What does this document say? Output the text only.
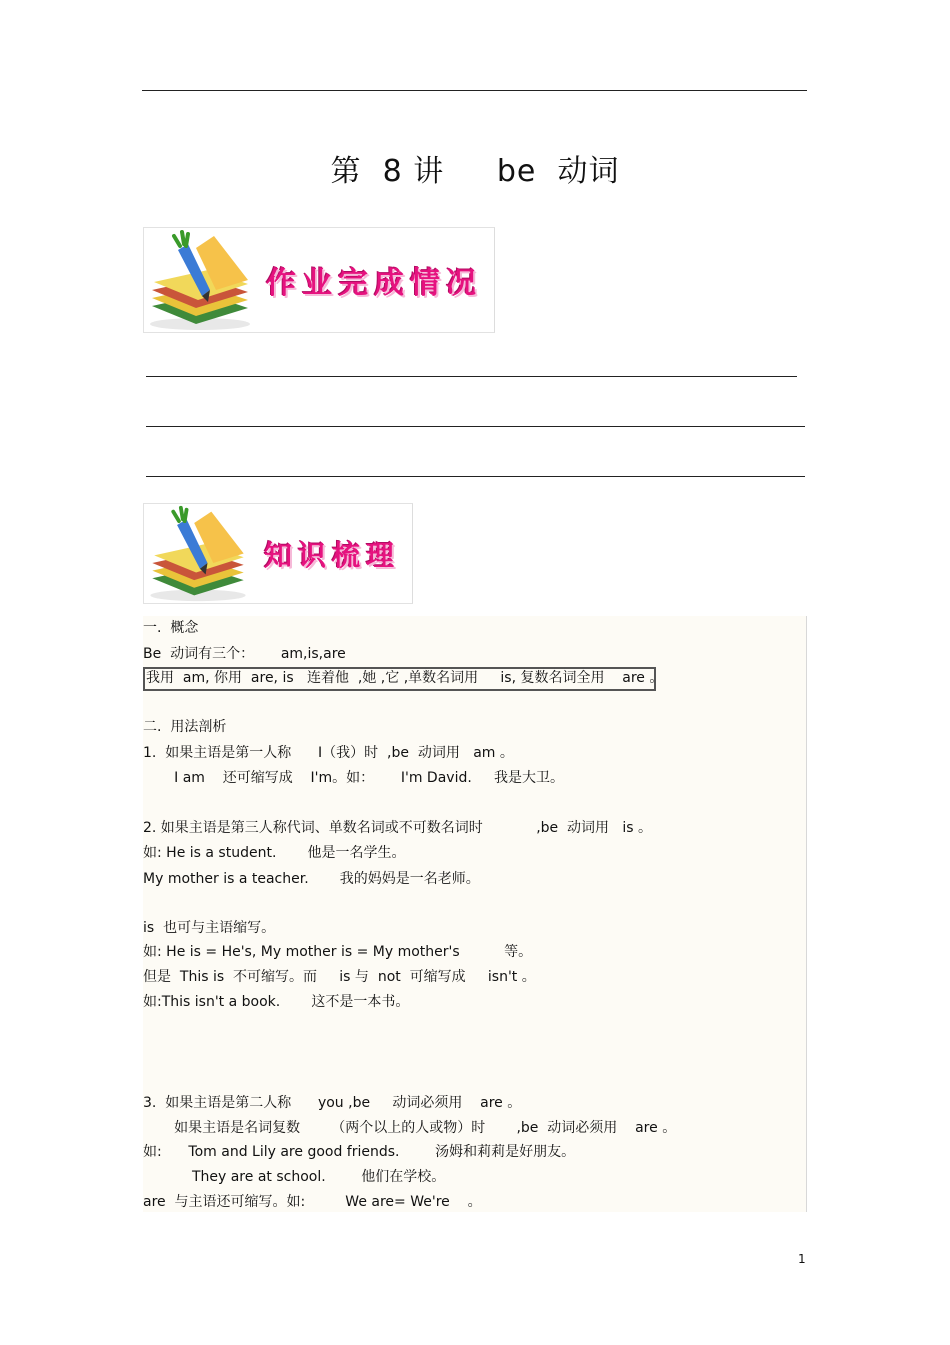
第  8 讲     be  动词
作业完成情况
知识梳理
一.  概念
Be  动词有三个：      am,is,are
我用  am, 你用  are, is   连着他  ,她 ,它 ,单数名词用     is, 复数名词全用    are 。
二.  用法剖析
1.  如果主语是第一人称      I（我）时  ,be  动词用   am 。
I am    还可缩写成    I'm。如：      I'm David.     我是大卫。
2. 如果主语是第三人称代词、单数名词或不可数名词时            ,be  动词用   is 。
如: He is a student.       他是一名学生。
My mother is a teacher.       我的妈妈是一名老师。
is  也可与主语缩写。
如: He is = He's, My mother is = My mother's          等。
但是  This is  不可缩写。而     is 与  not  可缩写成     isn't 。
如:This isn't a book.       这不是一本书。
3.  如果主语是第二人称      you ,be     动词必须用    are 。
如果主语是名词复数       （两个以上的人或物）时       ,be  动词必须用    are 。
如:      Tom and Lily are good friends.        汤姆和莉莉是好朋友。
They are at school.        他们在学校。
are  与主语还可缩写。如:         We are= We're    。
1
